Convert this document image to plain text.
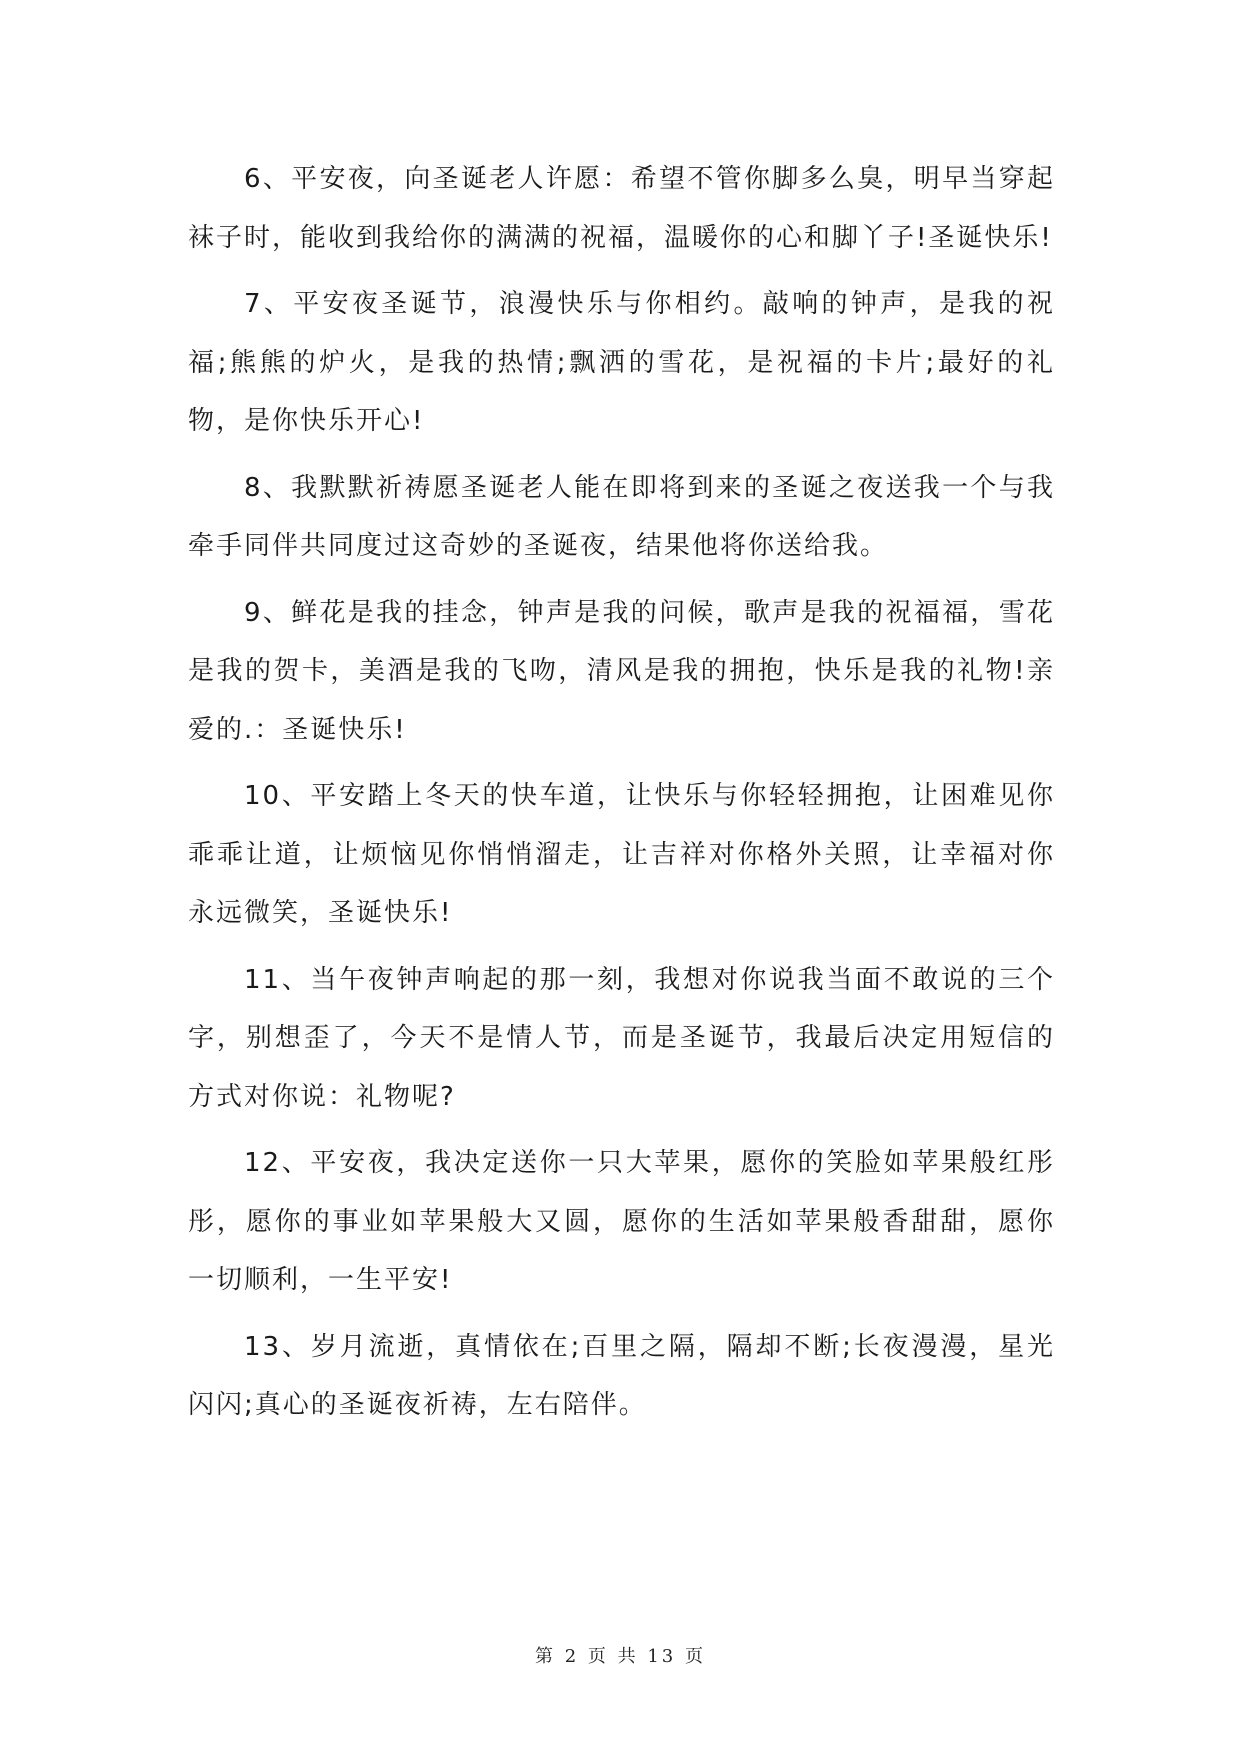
6、平安夜，向圣诞老人许愿：希望不管你脚多么臭，明早当穿起袜子时，能收到我给你的满满的祝福，温暖你的心和脚丫子!圣诞快乐!

7、平安夜圣诞节，浪漫快乐与你相约。敲响的钟声，是我的祝福;熊熊的炉火，是我的热情;飘洒的雪花，是祝福的卡片;最好的礼物，是你快乐开心!

8、我默默祈祷愿圣诞老人能在即将到来的圣诞之夜送我一个与我牵手同伴共同度过这奇妙的圣诞夜，结果他将你送给我。

9、鲜花是我的挂念，钟声是我的问候，歌声是我的祝福福，雪花是我的贺卡，美酒是我的飞吻，清风是我的拥抱，快乐是我的礼物!亲爱的.：圣诞快乐!

10、平安踏上冬天的快车道，让快乐与你轻轻拥抱，让困难见你乖乖让道，让烦恼见你悄悄溜走，让吉祥对你格外关照，让幸福对你永远微笑，圣诞快乐!

11、当午夜钟声响起的那一刻，我想对你说我当面不敢说的三个字，别想歪了，今天不是情人节，而是圣诞节，我最后决定用短信的方式对你说：礼物呢?

12、平安夜，我决定送你一只大苹果，愿你的笑脸如苹果般红彤彤，愿你的事业如苹果般大又圆，愿你的生活如苹果般香甜甜，愿你一切顺利，一生平安!

13、岁月流逝，真情依在;百里之隔，隔却不断;长夜漫漫，星光闪闪;真心的圣诞夜祈祷，左右陪伴。

第 2 页 共 13 页
